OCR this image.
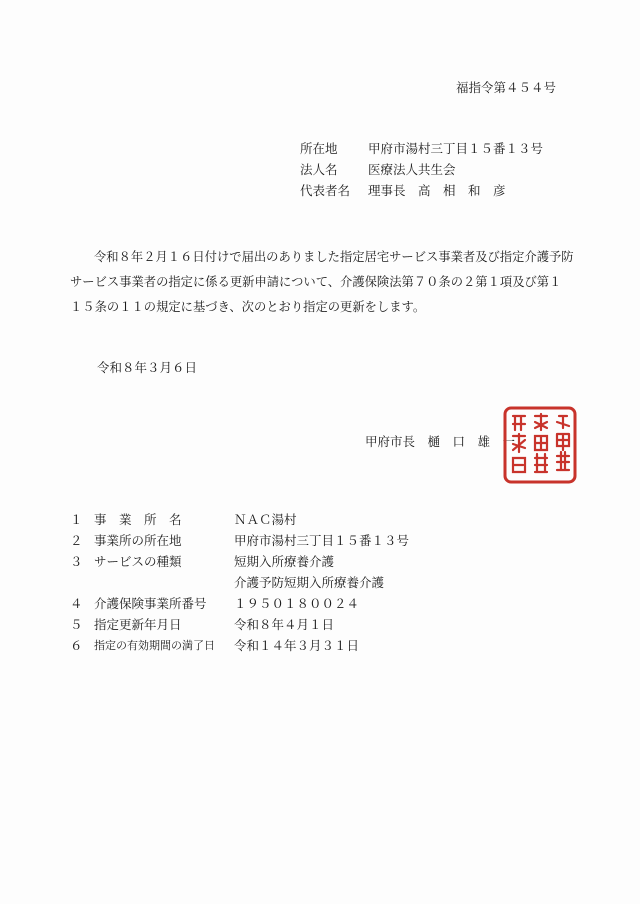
福指令第４５４号
所在地	甲府市湯村三丁目１５番１３号
法人名	医療法人共生会
代表者名	理事長　高　相　和　彦
令和８年２月１６日付けで届出のありました指定居宅サービス事業者及び指定介護予防
サービス事業者の指定に係る更新申請について、介護保険法第７０条の２第１項及び第１
１５条の１１の規定に基づき、次のとおり指定の更新をします。
令和８年３月６日
甲府市長　樋　口　雄　一
１ 事　業　所　名	ＮＡＣ湯村
２ 事業所の所在地	甲府市湯村三丁目１５番１３号
３ サービスの種類	短期入所療養介護
介護予防短期入所療養介護
４ 介護保険事業所番号	１９５０１８００２４
５ 指定更新年月日	令和８年４月１日
６	指定の有効期間の満了日	令和１４年３月３１日
